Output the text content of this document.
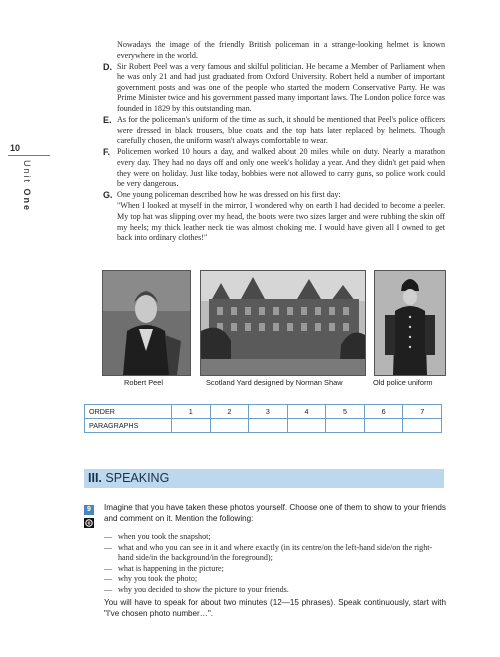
10
Unit One

Nowadays the image of the friendly British policeman in a strange-looking helmet is known everywhere in the world.

D. Sir Robert Peel was a very famous and skilful politician. He became a Member of Parliament when he was only 21 and had just graduated from Oxford University. Robert held a number of important government posts and was one of the people who started the modern Conservative Party. He was Prime Minister twice and his government passed many important laws. The London police force was founded in 1829 by this outstanding man.

E. As for the policeman's uniform of the time as such, it should be mentioned that Peel's police officers were dressed in black trousers, blue coats and the top hats later replaced by helmets. Though carefully chosen, the uniform wasn't always comfortable to wear.

F. Policemen worked 10 hours a day, and walked about 20 miles while on duty. Nearly a marathon every day. They had no days off and only one week's holiday a year. And they didn't get paid when they were on holiday. Just like today, bobbies were not allowed to carry guns, so police work could be very dangerous.

G. One young policeman described how he was dressed on his first day:

"When I looked at myself in the mirror, I wondered why on earth I had decided to become a peeler. My top hat was slipping over my head, the boots were two sizes larger and were rubbing the skin off my heels; my thick leather neck tie was almost choking me. I would have given all I owned to get back into ordinary clothes!"

Robert Peel	Scotland Yard designed by Norman Shaw	Old police uniform
ORDER	1	2	3	4	5	6	7
PARAGRAPHS							
III. SPEAKING
9	Imagine that you have taken these photos yourself. Choose one of them to show to your friends and comment on it. Mention the following:
— when you took the snapshot;
— what and who you can see in it and where exactly (in its centre/on the left-hand side/on the right-hand side/in the background/in the foreground);
— what is happening in the picture;
— why you took the photo;
— why you decided to show the picture to your friends.
You will have to speak for about two minutes (12—15 phrases). Speak continuously, start with "I've chosen photo number…".
